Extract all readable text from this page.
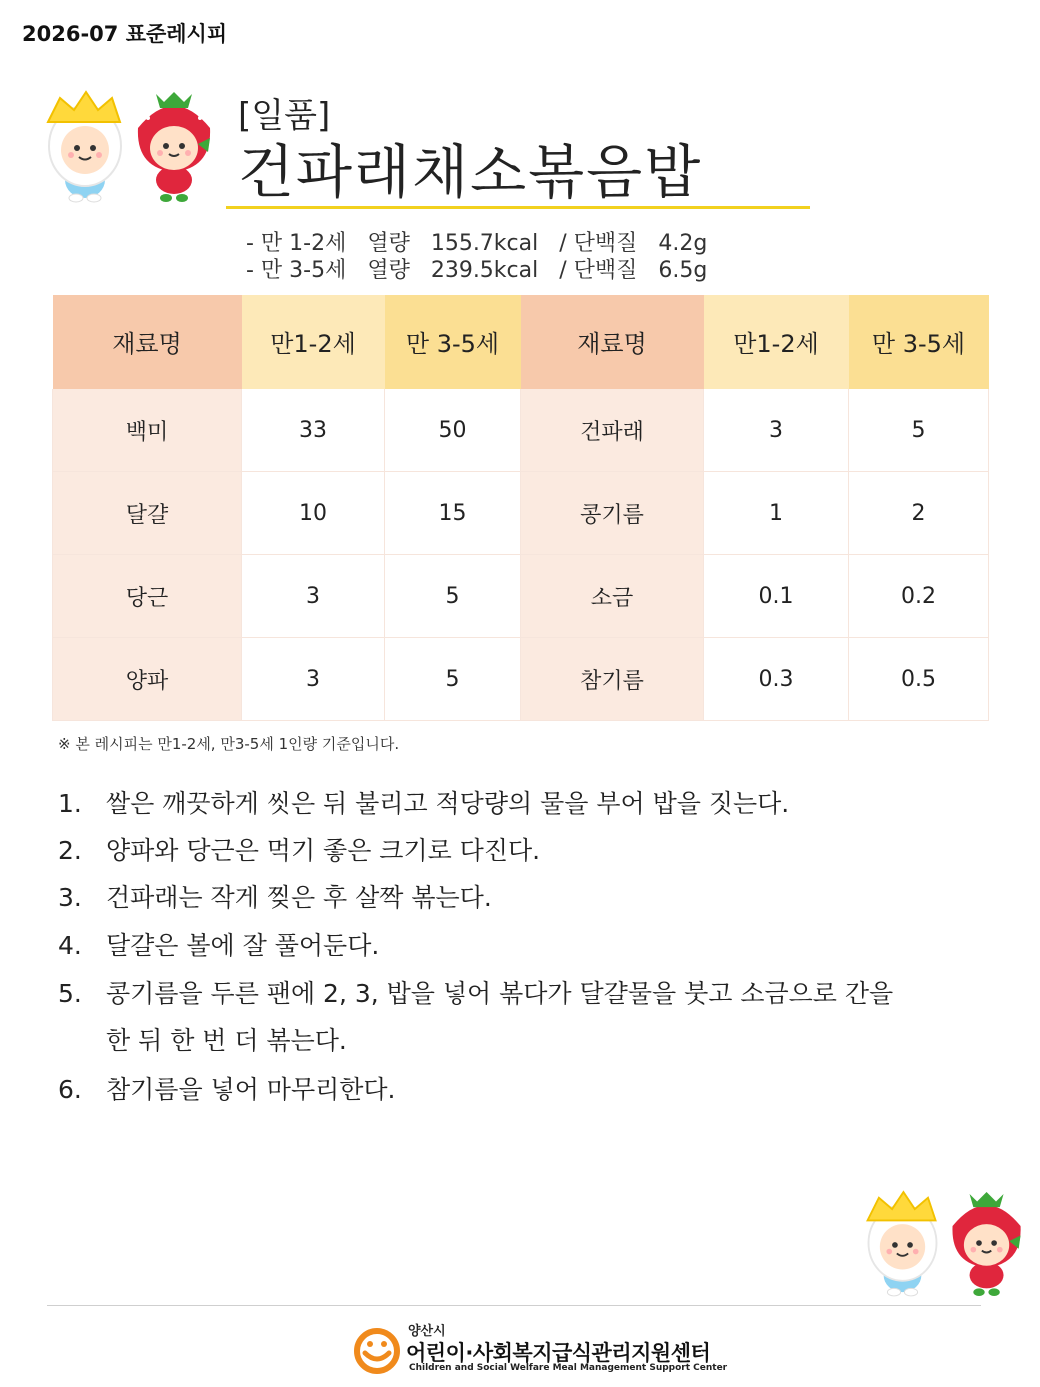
2026-07 표준레시피
[일품]
건파래채소볶음밥
- 만 1-2세   열량   155.7kcal   / 단백질   4.2g
- 만 3-5세   열량   239.5kcal   / 단백질   6.5g
재료명	만1-2세	만 3-5세	재료명	만1-2세	만 3-5세
백미	33	50	건파래	3	5
달걀	10	15	콩기름	1	2
당근	3	5	소금	0.1	0.2
양파	3	5	참기름	0.3	0.5
※ 본 레시피는 만1-2세, 만3-5세 1인량 기준입니다.
1. 쌀은 깨끗하게 씻은 뒤 불리고 적당량의 물을 부어 밥을 짓는다.
2. 양파와 당근은 먹기 좋은 크기로 다진다.
3. 건파래는 작게 찢은 후 살짝 볶는다.
4. 달걀은 볼에 잘 풀어둔다.
5. 콩기름을 두른 팬에 2, 3, 밥을 넣어 볶다가 달걀물을 붓고 소금으로 간을
한 뒤 한 번 더 볶는다.
6. 참기름을 넣어 마무리한다.
양산시
어린이·사회복지급식관리지원센터
Children and Social Welfare Meal Management Support Center
